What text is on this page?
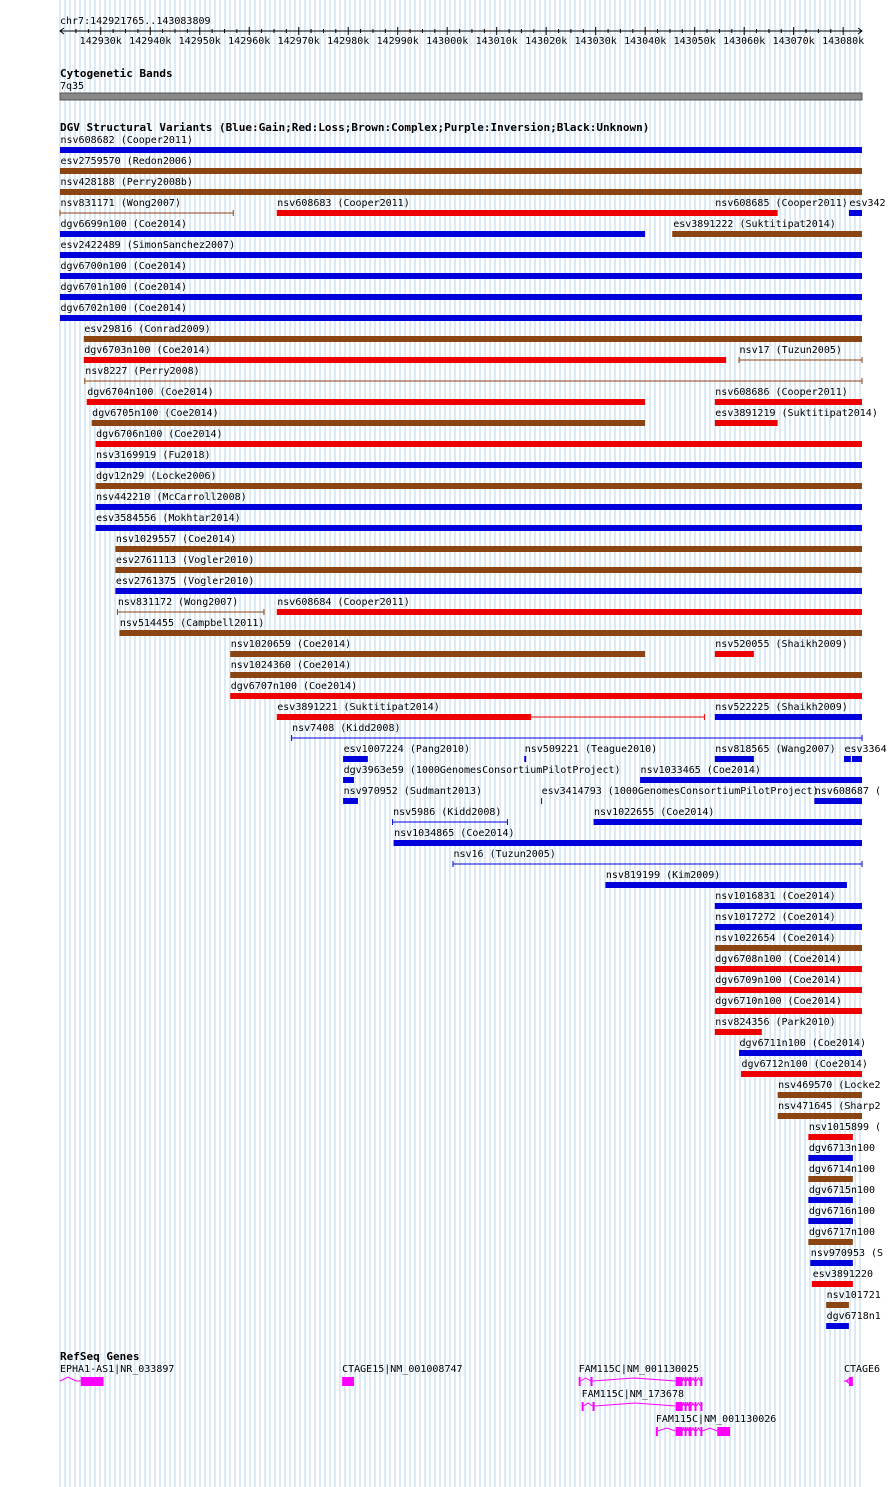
chr7:142921765..143083809
142930k 142940k 142950k 142960k 142970k 142980k 142990k 143000k 143010k 143020k 143030k 143040k 143050k 143060k 143070k 143080k
Cytogenetic Bands
7q35
DGV Structural Variants (Blue:Gain;Red:Loss;Brown:Complex;Purple:Inversion;Black:Unknown)
nsv608682 (Cooper2011)
esv2759570 (Redon2006)
nsv428188 (Perry2008b)
nsv831171 (Wong2007)	nsv608683 (Cooper2011)	nsv608685 (Cooper2011) esv342
dgv6699n100 (Coe2014)	esv3891222 (Suktitipat2014)
esv2422489 (SimonSanchez2007)
dgv6700n100 (Coe2014)
dgv6701n100 (Coe2014)
dgv6702n100 (Coe2014)
esv29816 (Conrad2009)
dgv6703n100 (Coe2014)	nsv17 (Tuzun2005)
nsv8227 (Perry2008)
dgv6704n100 (Coe2014)	nsv608686 (Cooper2011)
dgv6705n100 (Coe2014)	esv3891219 (Suktitipat2014)
dgv6706n100 (Coe2014)
nsv3169919 (Fu2018)
dgv12n29 (Locke2006)
nsv442210 (McCarroll2008)
esv3584556 (Mokhtar2014)
nsv1029557 (Coe2014)
esv2761113 (Vogler2010)
esv2761375 (Vogler2010)
nsv831172 (Wong2007)	nsv608684 (Cooper2011)
nsv514455 (Campbell2011)
nsv1020659 (Coe2014)	nsv520055 (Shaikh2009)
nsv1024360 (Coe2014)
dgv6707n100 (Coe2014)
esv3891221 (Suktitipat2014)	nsv522225 (Shaikh2009)
nsv7408 (Kidd2008)
esv1007224 (Pang2010)	nsv509221 (Teague2010)	nsv818565 (Wang2007) esv3364
dgv3963e59 (1000GenomesConsortiumPilotProject) nsv1033465 (Coe2014)
nsv970952 (Sudmant2013)	esv3414793 (1000GenomesConsortiumPilotProject)
nsv608687 (
nsv5986 (Kidd2008)	nsv1022655 (Coe2014)
nsv1034865 (Coe2014)
nsv16 (Tuzun2005)
nsv819199 (Kim2009)
nsv1016831 (Coe2014)
nsv1017272 (Coe2014)
nsv1022654 (Coe2014)
dgv6708n100 (Coe2014)
dgv6709n100 (Coe2014)
dgv6710n100 (Coe2014)
nsv824356 (Park2010)
dgv6711n100 (Coe2014)
dgv6712n100 (Coe2014)
nsv469570 (Locke2
nsv471645 (Sharp2
nsv1015899 (
dgv6713n100
dgv6714n100
dgv6715n100
dgv6716n100
dgv6717n100
nsv970953 (S
esv3891220
nsv101721
dgv6718n1
RefSeq Genes
EPHA1-AS1|NR_033897	CTAGE15|NM_001008747	FAM115C|NM_001130025	CTAGE6
FAM115C|NM_173678
FAM115C|NM_001130026
